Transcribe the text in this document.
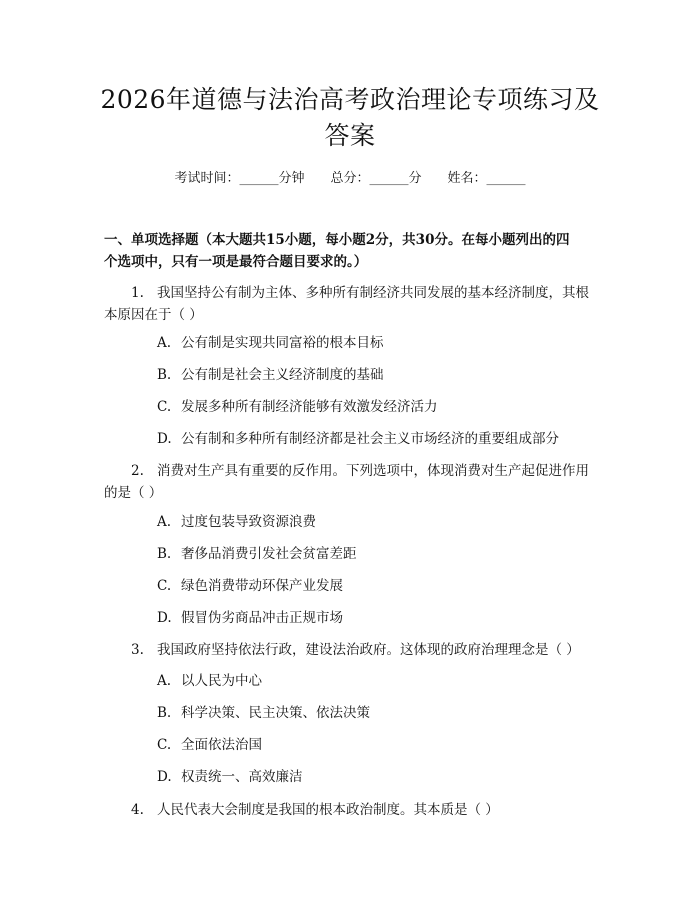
2026年道德与法治高考政治理论专项练习及
答案
考试时间：______分钟 总分：______分 姓名：______
一、单项选择题（本大题共15小题，每小题2分，共30分。在每小题列出的四
个选项中，只有一项是最符合题目要求的。）
1. 我国坚持公有制为主体、多种所有制经济共同发展的基本经济制度，其根
本原因在于（ ）
A. 公有制是实现共同富裕的根本目标
B. 公有制是社会主义经济制度的基础
C. 发展多种所有制经济能够有效激发经济活力
D. 公有制和多种所有制经济都是社会主义市场经济的重要组成部分
2. 消费对生产具有重要的反作用。下列选项中，体现消费对生产起促进作用
的是（ ）
A. 过度包装导致资源浪费
B. 奢侈品消费引发社会贫富差距
C. 绿色消费带动环保产业发展
D. 假冒伪劣商品冲击正规市场
3. 我国政府坚持依法行政，建设法治政府。这体现的政府治理理念是（ ）
A. 以人民为中心
B. 科学决策、民主决策、依法决策
C. 全面依法治国
D. 权责统一、高效廉洁
4. 人民代表大会制度是我国的根本政治制度。其本质是（ ）
